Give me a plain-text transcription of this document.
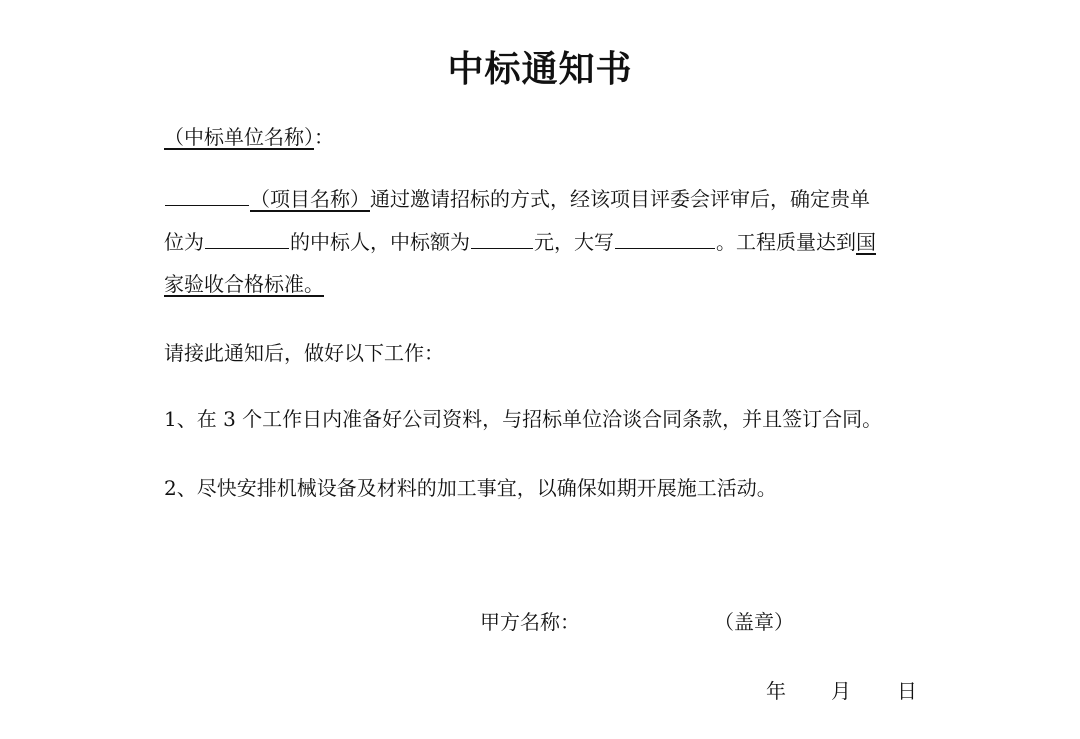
中标通知书
（中标单位名称）：
（项目名称）通过邀请招标的方式，经该项目评委会评审后，确定贵单
位为	的中标人，中标额为	元，大写	。工程质量达到国
家验收合格标准。
请接此通知后，做好以下工作：
1、在 3 个工作日内准备好公司资料，与招标单位洽谈合同条款，并且签订合同。
2、尽快安排机械设备及材料的加工事宜，以确保如期开展施工活动。
甲方名称：	（盖章）
年 月 日
